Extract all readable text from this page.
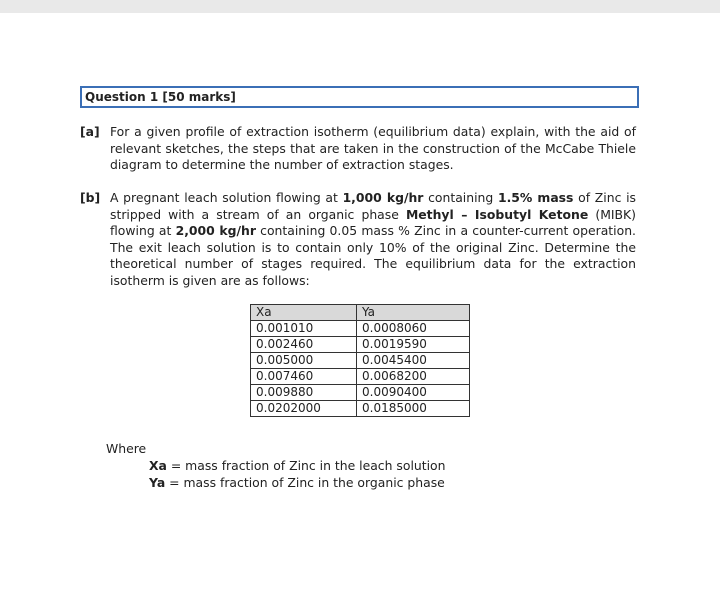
Question 1 [50 marks]
[a] For a given profile of extraction isotherm (equilibrium data) explain, with the aid of relevant sketches, the steps that are taken in the construction of the McCabe Thiele diagram to determine the number of extraction stages.
[b] A pregnant leach solution flowing at 1,000 kg/hr containing 1.5% mass of Zinc is stripped with a stream of an organic phase Methyl – Isobutyl Ketone (MIBK) flowing at 2,000 kg/hr containing 0.05 mass % Zinc in a counter-current operation. The exit leach solution is to contain only 10% of the original Zinc. Determine the theoretical number of stages required. The equilibrium data for the extraction isotherm is given are as follows:
Xa	Ya
0.001010	0.0008060
0.002460	0.0019590
0.005000	0.0045400
0.007460	0.0068200
0.009880	0.0090400
0.0202000	0.0185000
Where
Xa = mass fraction of Zinc in the leach solution
Ya = mass fraction of Zinc in the organic phase
